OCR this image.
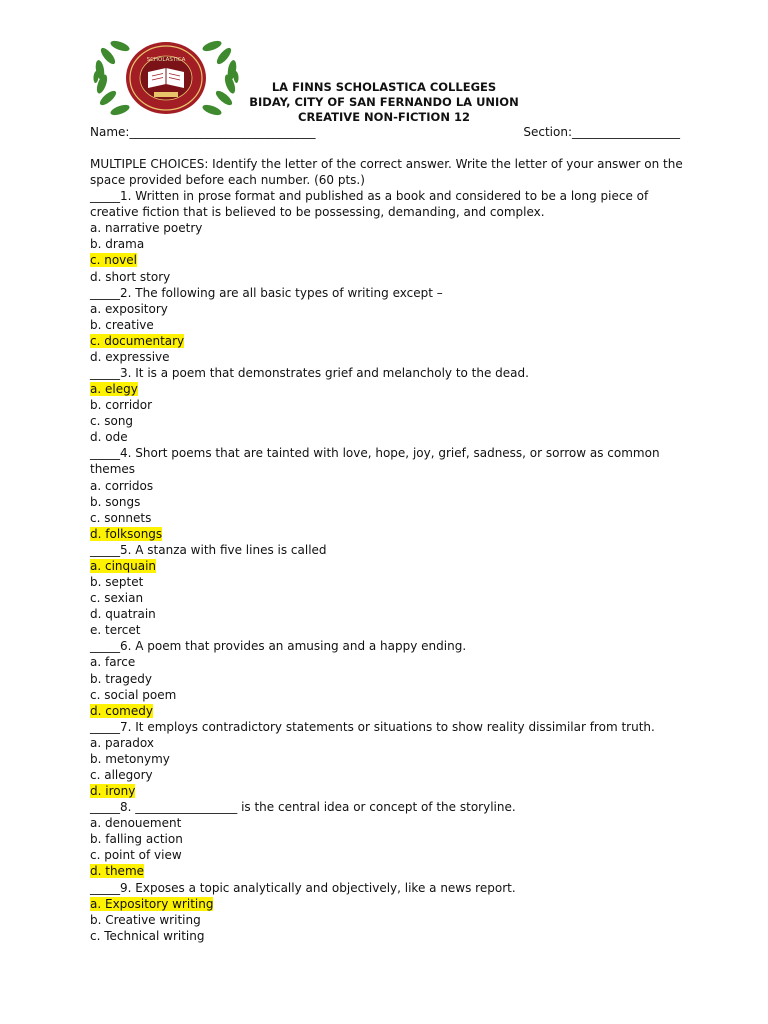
SCHOLASTICA
LA FINNS SCHOLASTICA COLLEGES
BIDAY, CITY OF SAN FERNANDO LA UNION
CREATIVE NON-FICTION 12
Name:_______________________________	Section:__________________
MULTIPLE CHOICES: Identify the letter of the correct answer. Write the letter of your answer on the space provided before each number. (60 pts.)
_____1. Written in prose format and published as a book and considered to be a long piece of creative fiction that is believed to be possessing, demanding, and complex.
a. narrative poetry
b. drama
c. novel
d. short story
_____2. The following are all basic types of writing except –
a. expository
b. creative
c. documentary
d. expressive
_____3. It is a poem that demonstrates grief and melancholy to the dead.
a. elegy
b. corridor
c. song
d. ode
_____4. Short poems that are tainted with love, hope, joy, grief, sadness, or sorrow as common themes
a. corridos
b. songs
c. sonnets
d. folksongs
_____5. A stanza with five lines is called
a. cinquain
b. septet
c. sexian
d. quatrain
e. tercet
_____6. A poem that provides an amusing and a happy ending.
a. farce
b. tragedy
c. social poem
d. comedy
_____7. It employs contradictory statements or situations to show reality dissimilar from truth.
a. paradox
b. metonymy
c. allegory
d. irony
_____8. _________________ is the central idea or concept of the storyline.
a. denouement
b. falling action
c. point of view
d. theme
_____9. Exposes a topic analytically and objectively, like a news report.
a. Expository writing
b. Creative writing
c. Technical writing
